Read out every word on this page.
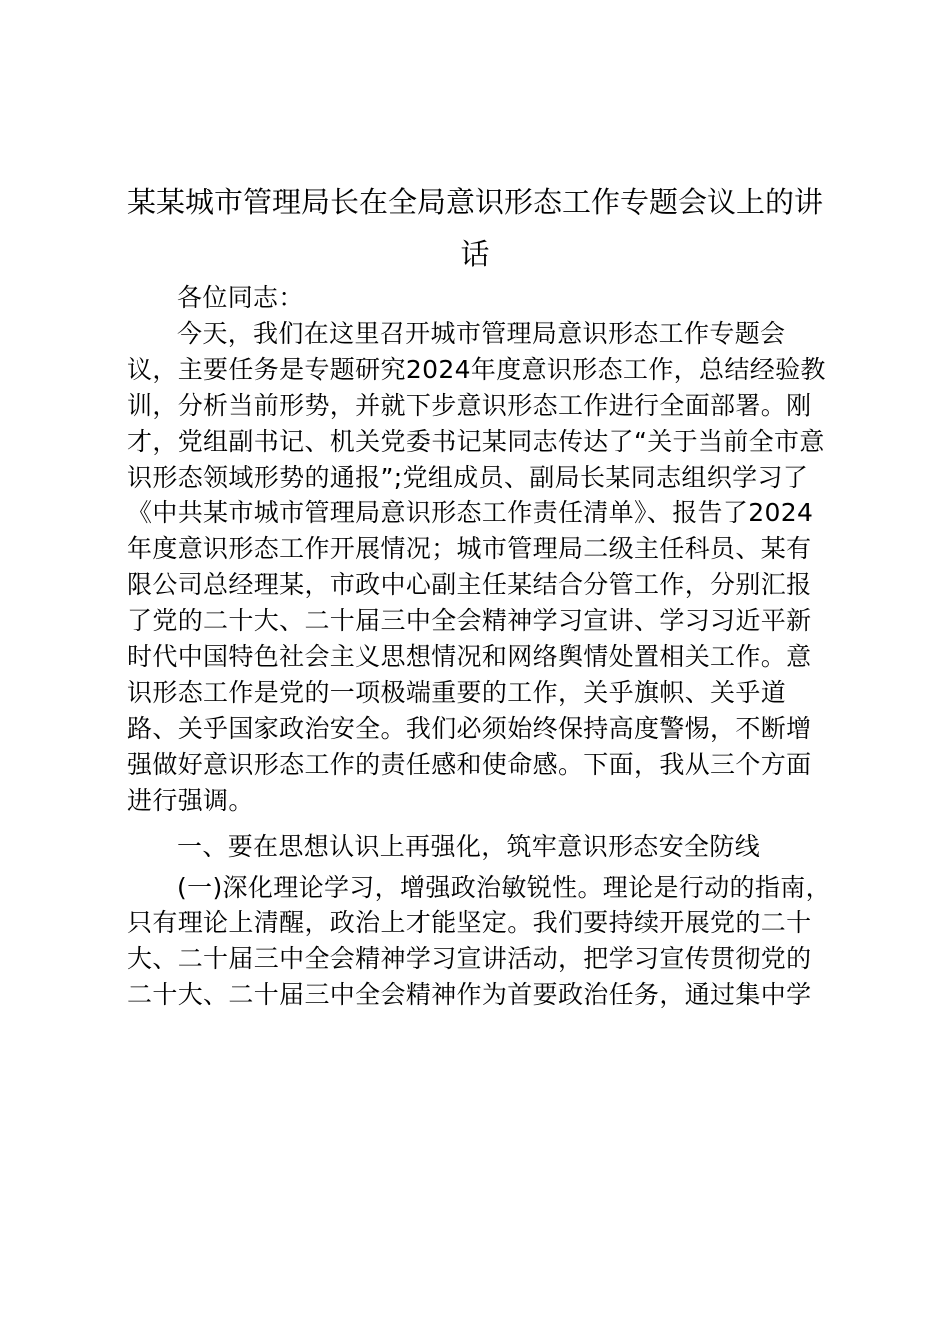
某某城市管理局长在全局意识形态工作专题会议上的讲话

各位同志：

今天，我们在这里召开城市管理局意识形态工作专题会议，主要任务是专题研究2024年度意识形态工作，总结经验教训，分析当前形势，并就下步意识形态工作进行全面部署。刚才，党组副书记、机关党委书记某同志传达了“关于当前全市意识形态领域形势的通报”;党组成员、副局长某同志组织学习了《中共某市城市管理局意识形态工作责任清单》、报告了2024年度意识形态工作开展情况；城市管理局二级主任科员、某有限公司总经理某，市政中心副主任某结合分管工作，分别汇报了党的二十大、二十届三中全会精神学习宣讲、学习习近平新时代中国特色社会主义思想情况和网络舆情处置相关工作。意识形态工作是党的一项极端重要的工作，关乎旗帜、关乎道路、关乎国家政治安全。我们必须始终保持高度警惕，不断增强做好意识形态工作的责任感和使命感。下面，我从三个方面进行强调。

一、要在思想认识上再强化，筑牢意识形态安全防线

(一)深化理论学习，增强政治敏锐性。理论是行动的指南，只有理论上清醒，政治上才能坚定。我们要持续开展党的二十大、二十届三中全会精神学习宣讲活动，把学习宣传贯彻党的二十大、二十届三中全会精神作为首要政治任务，通过集中学
